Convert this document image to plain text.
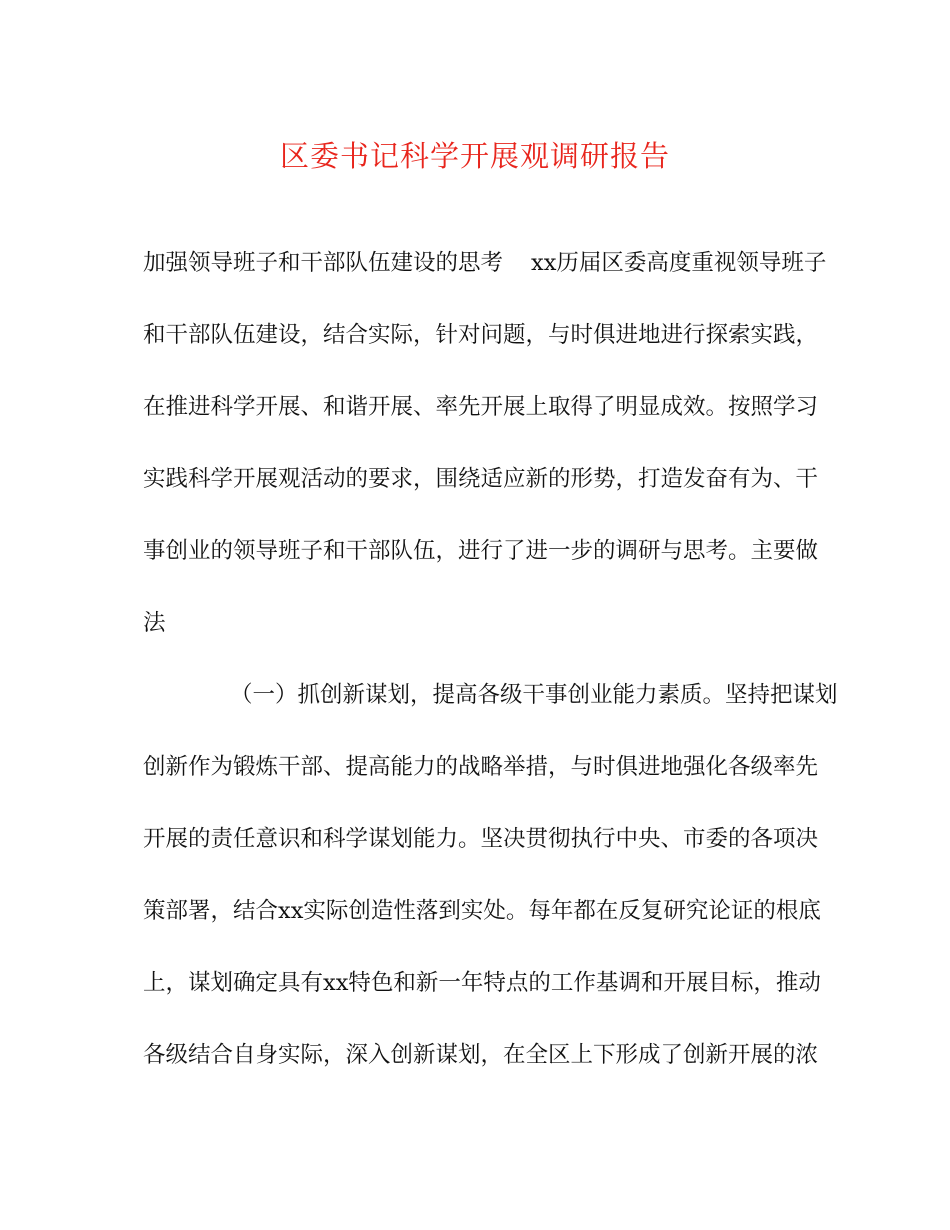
区委书记科学开展观调研报告
加强领导班子和干部队伍建设的思考 xx历届区委高度重视领导班子
和干部队伍建设，结合实际，针对问题，与时俱进地进行探索实践，
在推进科学开展、和谐开展、率先开展上取得了明显成效。按照学习
实践科学开展观活动的要求，围绕适应新的形势，打造发奋有为、干
事创业的领导班子和干部队伍，进行了进一步的调研与思考。主要做
法
（一）抓创新谋划，提高各级干事创业能力素质。坚持把谋划
创新作为锻炼干部、提高能力的战略举措，与时俱进地强化各级率先
开展的责任意识和科学谋划能力。坚决贯彻执行中央、市委的各项决
策部署，结合xx实际创造性落到实处。每年都在反复研究论证的根底
上，谋划确定具有xx特色和新一年特点的工作基调和开展目标，推动
各级结合自身实际，深入创新谋划，在全区上下形成了创新开展的浓
